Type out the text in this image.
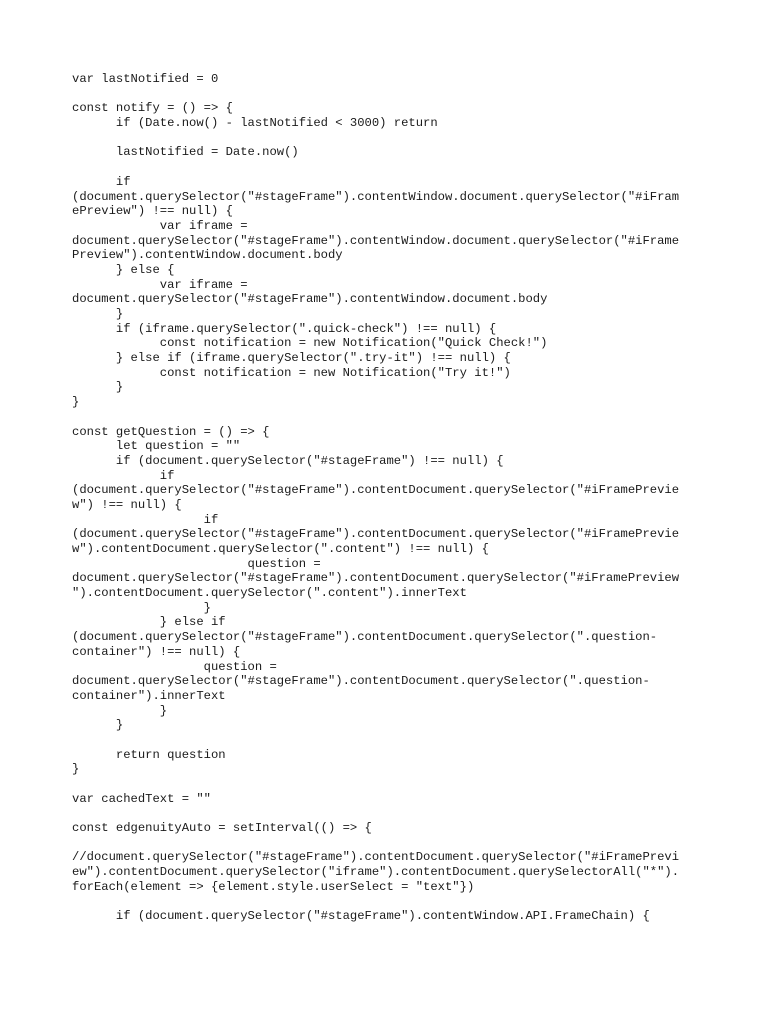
var lastNotified = 0
const notify = () => {
if (Date.now() - lastNotified < 3000) return
lastNotified = Date.now()
if
(document.querySelector("#stageFrame").contentWindow.document.querySelector("#iFram
ePreview") !== null) {
var iframe =
document.querySelector("#stageFrame").contentWindow.document.querySelector("#iFrame
Preview").contentWindow.document.body
} else {
var iframe =
document.querySelector("#stageFrame").contentWindow.document.body
}
if (iframe.querySelector(".quick-check") !== null) {
const notification = new Notification("Quick Check!")
} else if (iframe.querySelector(".try-it") !== null) {
const notification = new Notification("Try it!")
}
}
const getQuestion = () => {
let question = ""
if (document.querySelector("#stageFrame") !== null) {
if
(document.querySelector("#stageFrame").contentDocument.querySelector("#iFramePrevie
w") !== null) {
if
(document.querySelector("#stageFrame").contentDocument.querySelector("#iFramePrevie
w").contentDocument.querySelector(".content") !== null) {
question =
document.querySelector("#stageFrame").contentDocument.querySelector("#iFramePreview
").contentDocument.querySelector(".content").innerText
}
} else if
(document.querySelector("#stageFrame").contentDocument.querySelector(".question-
container") !== null) {
question =
document.querySelector("#stageFrame").contentDocument.querySelector(".question-
container").innerText
}
}
return question
}
var cachedText = ""
const edgenuityAuto = setInterval(() => {
//document.querySelector("#stageFrame").contentDocument.querySelector("#iFramePrevi
ew").contentDocument.querySelector("iframe").contentDocument.querySelectorAll("*").
forEach(element => {element.style.userSelect = "text"})
if (document.querySelector("#stageFrame").contentWindow.API.FrameChain) {
